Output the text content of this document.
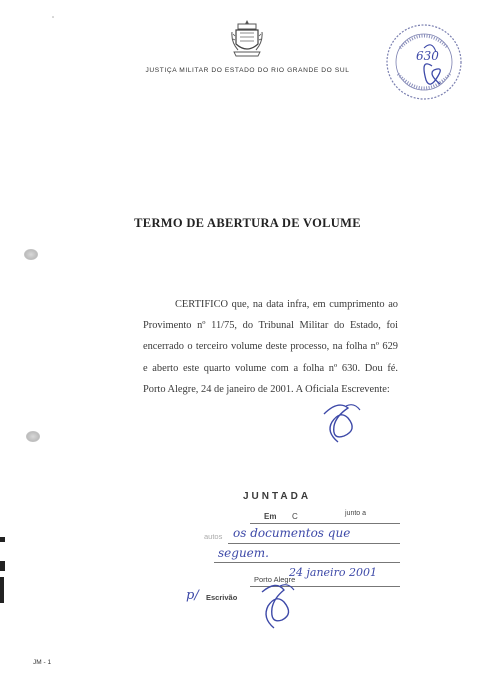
▫
JUSTIÇA MILITAR DO ESTADO DO RIO GRANDE DO SUL
630
TERMO DE ABERTURA DE VOLUME
CERTIFICO que, na data infra, em cumprimento ao Provimento nº 11/75, do Tribunal Militar do Estado, foi encerrado o terceiro volume deste processo, na folha nº 629 e aberto este quarto volume com a folha nº 630. Dou fé. Porto Alegre, 24 de janeiro de 2001. A Oficiala Escrevente:
JUNTADA
Em C	junto a
autos os documentos que
seguem.
Porto Alegre
24 janeiro 2001
p/ Escrivão
JM - 1
